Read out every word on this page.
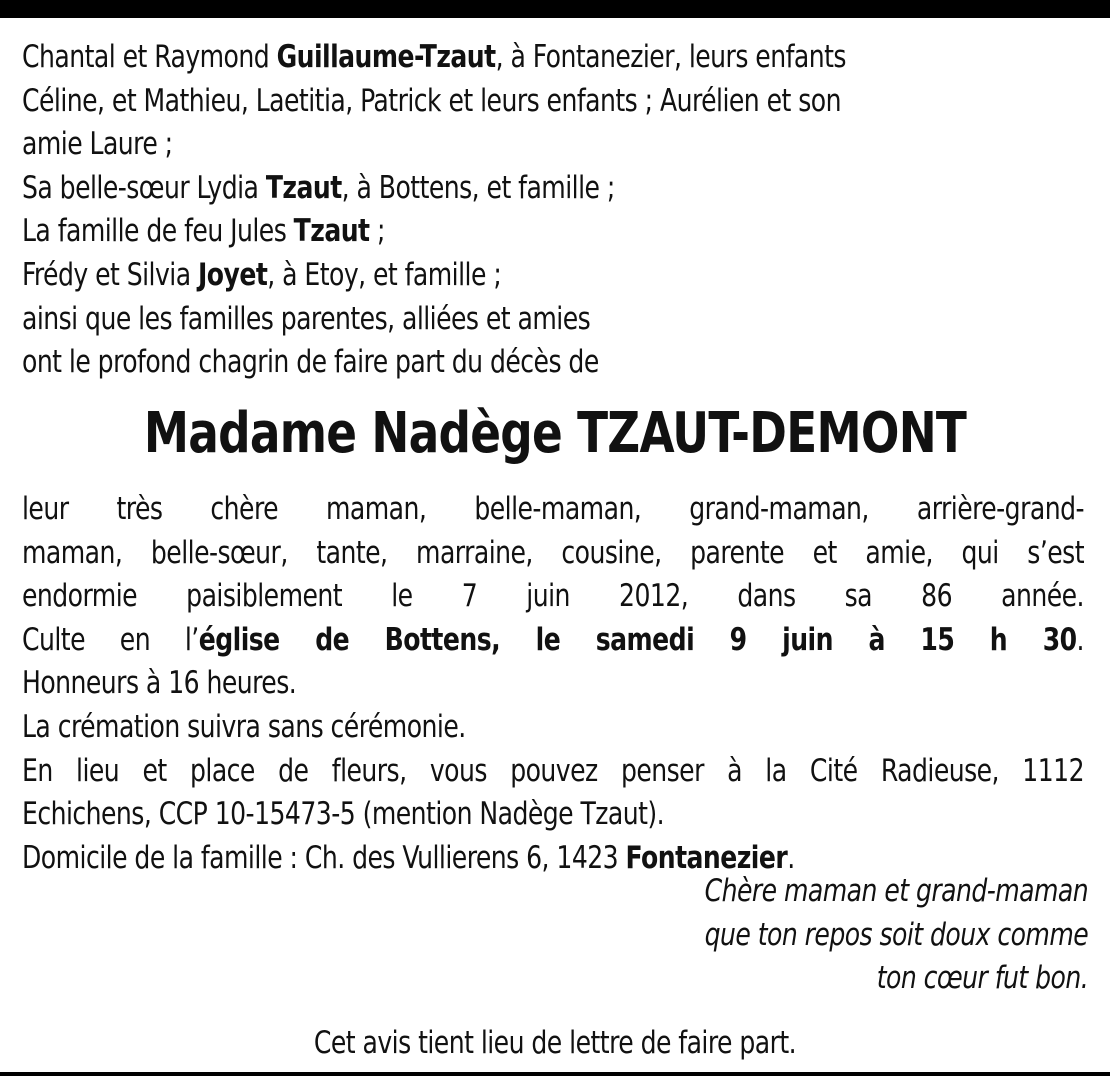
Chantal et Raymond Guillaume-Tzaut, à Fontanezier, leurs enfants
Céline, et Mathieu, Laetitia, Patrick et leurs enfants ; Aurélien et son
amie Laure ;
Sa belle-sœur Lydia Tzaut, à Bottens, et famille ;
La famille de feu Jules Tzaut ;
Frédy et Silvia Joyet, à Etoy, et famille ;
ainsi que les familles parentes, alliées et amies
ont le profond chagrin de faire part du décès de
Madame Nadège TZAUT-DEMONT
leur très chère maman, belle-maman, grand-maman, arrière-grand-
maman, belle-sœur, tante, marraine, cousine, parente et amie, qui s’est
endormie paisiblement le 7 juin 2012, dans sa 86 année.
Culte en l’église de Bottens, le samedi 9 juin à 15 h 30.
Honneurs à 16 heures.
La crémation suivra sans cérémonie.
En lieu et place de fleurs, vous pouvez penser à la Cité Radieuse, 1112
Echichens, CCP 10-15473-5 (mention Nadège Tzaut).
Domicile de la famille : Ch. des Vullierens 6, 1423 Fontanezier.
Chère maman et grand-maman
que ton repos soit doux comme
ton cœur fut bon.
Cet avis tient lieu de lettre de faire part.
